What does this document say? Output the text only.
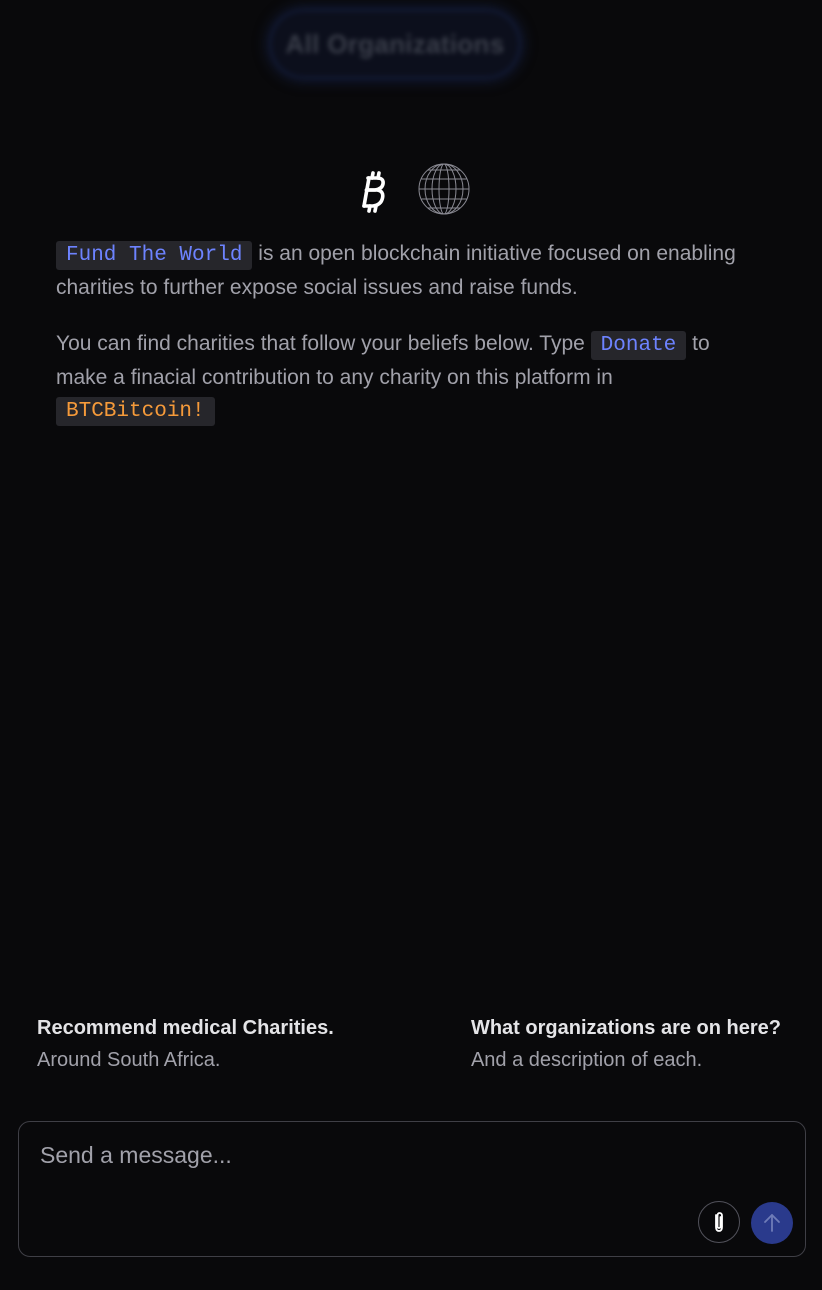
All Organizations

Fund The World is an open blockchain initiative focused on enabling charities to further expose social issues and raise funds.

You can find charities that follow your beliefs below. Type Donate to make a finacial contribution to any charity on this platform in BTCBitcoin!

Recommend medical Charities.
Around South Africa.
What organizations are on here?
And a description of each.
Send a message...
